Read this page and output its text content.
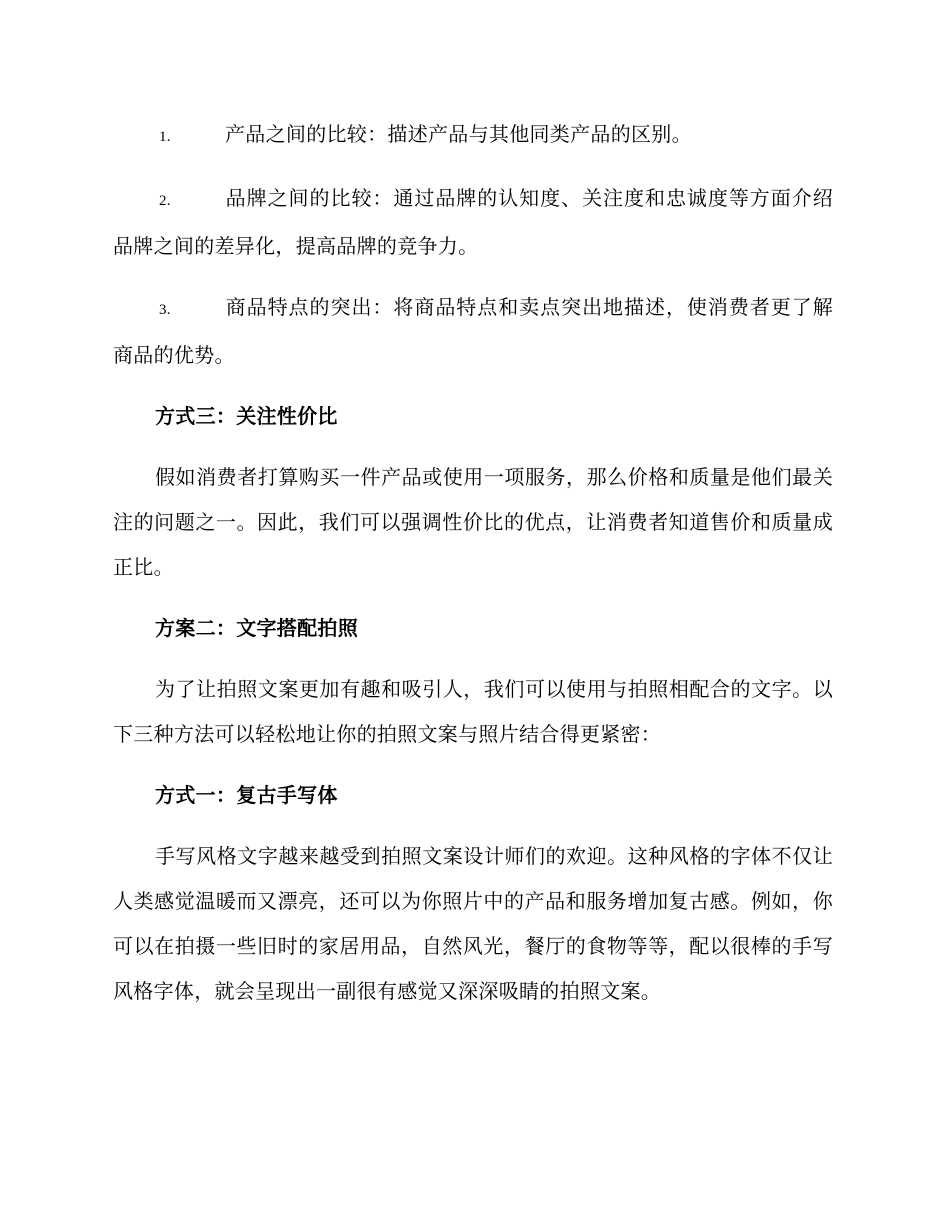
1.	产品之间的比较：描述产品与其他同类产品的区别。

2.	品牌之间的比较：通过品牌的认知度、关注度和忠诚度等方面介绍品牌之间的差异化，提高品牌的竞争力。

3.	商品特点的突出：将商品特点和卖点突出地描述，使消费者更了解商品的优势。

方式三：关注性价比

假如消费者打算购买一件产品或使用一项服务，那么价格和质量是他们最关注的问题之一。因此，我们可以强调性价比的优点，让消费者知道售价和质量成正比。

方案二：文字搭配拍照

为了让拍照文案更加有趣和吸引人，我们可以使用与拍照相配合的文字。以下三种方法可以轻松地让你的拍照文案与照片结合得更紧密：

方式一：复古手写体

手写风格文字越来越受到拍照文案设计师们的欢迎。这种风格的字体不仅让人类感觉温暖而又漂亮，还可以为你照片中的产品和服务增加复古感。例如，你可以在拍摄一些旧时的家居用品，自然风光，餐厅的食物等等，配以很棒的手写风格字体，就会呈现出一副很有感觉又深深吸睛的拍照文案。
